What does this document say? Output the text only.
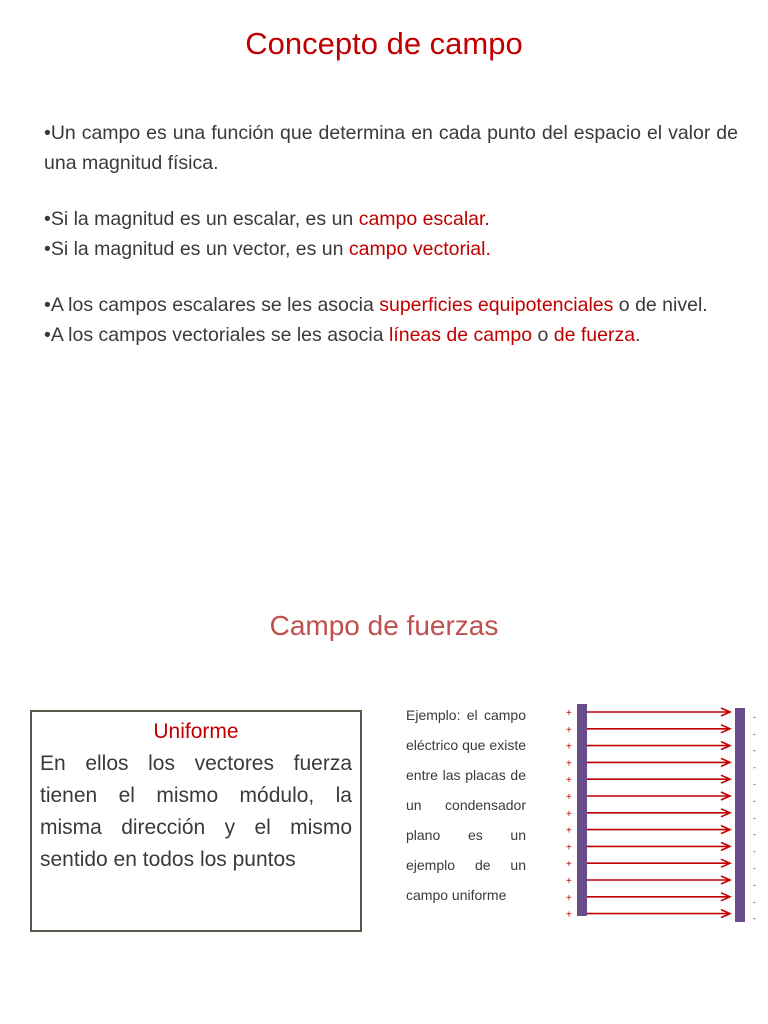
Concepto de campo

•Un campo es una función que determina en cada punto del espacio el valor de una magnitud física.

•Si la magnitud es un escalar, es un campo escalar.

•Si la magnitud es un vector, es un campo vectorial.

•A los campos escalares se les asocia superficies equipotenciales o de nivel.

•A los campos vectoriales se les asocia líneas de campo o de fuerza.

Campo de fuerzas
Uniforme
En ellos los vectores fuerza tienen el mismo módulo, la misma dirección y el mismo sentido en todos los puntos
Ejemplo: el campo eléctrico que existe entre las placas de un condensador plano es un ejemplo de un campo uniforme
+
+
+
+
+
+
+
+
+
+
+
+
+
-
-
-
-
-
-
-
-
-
-
-
-
-
